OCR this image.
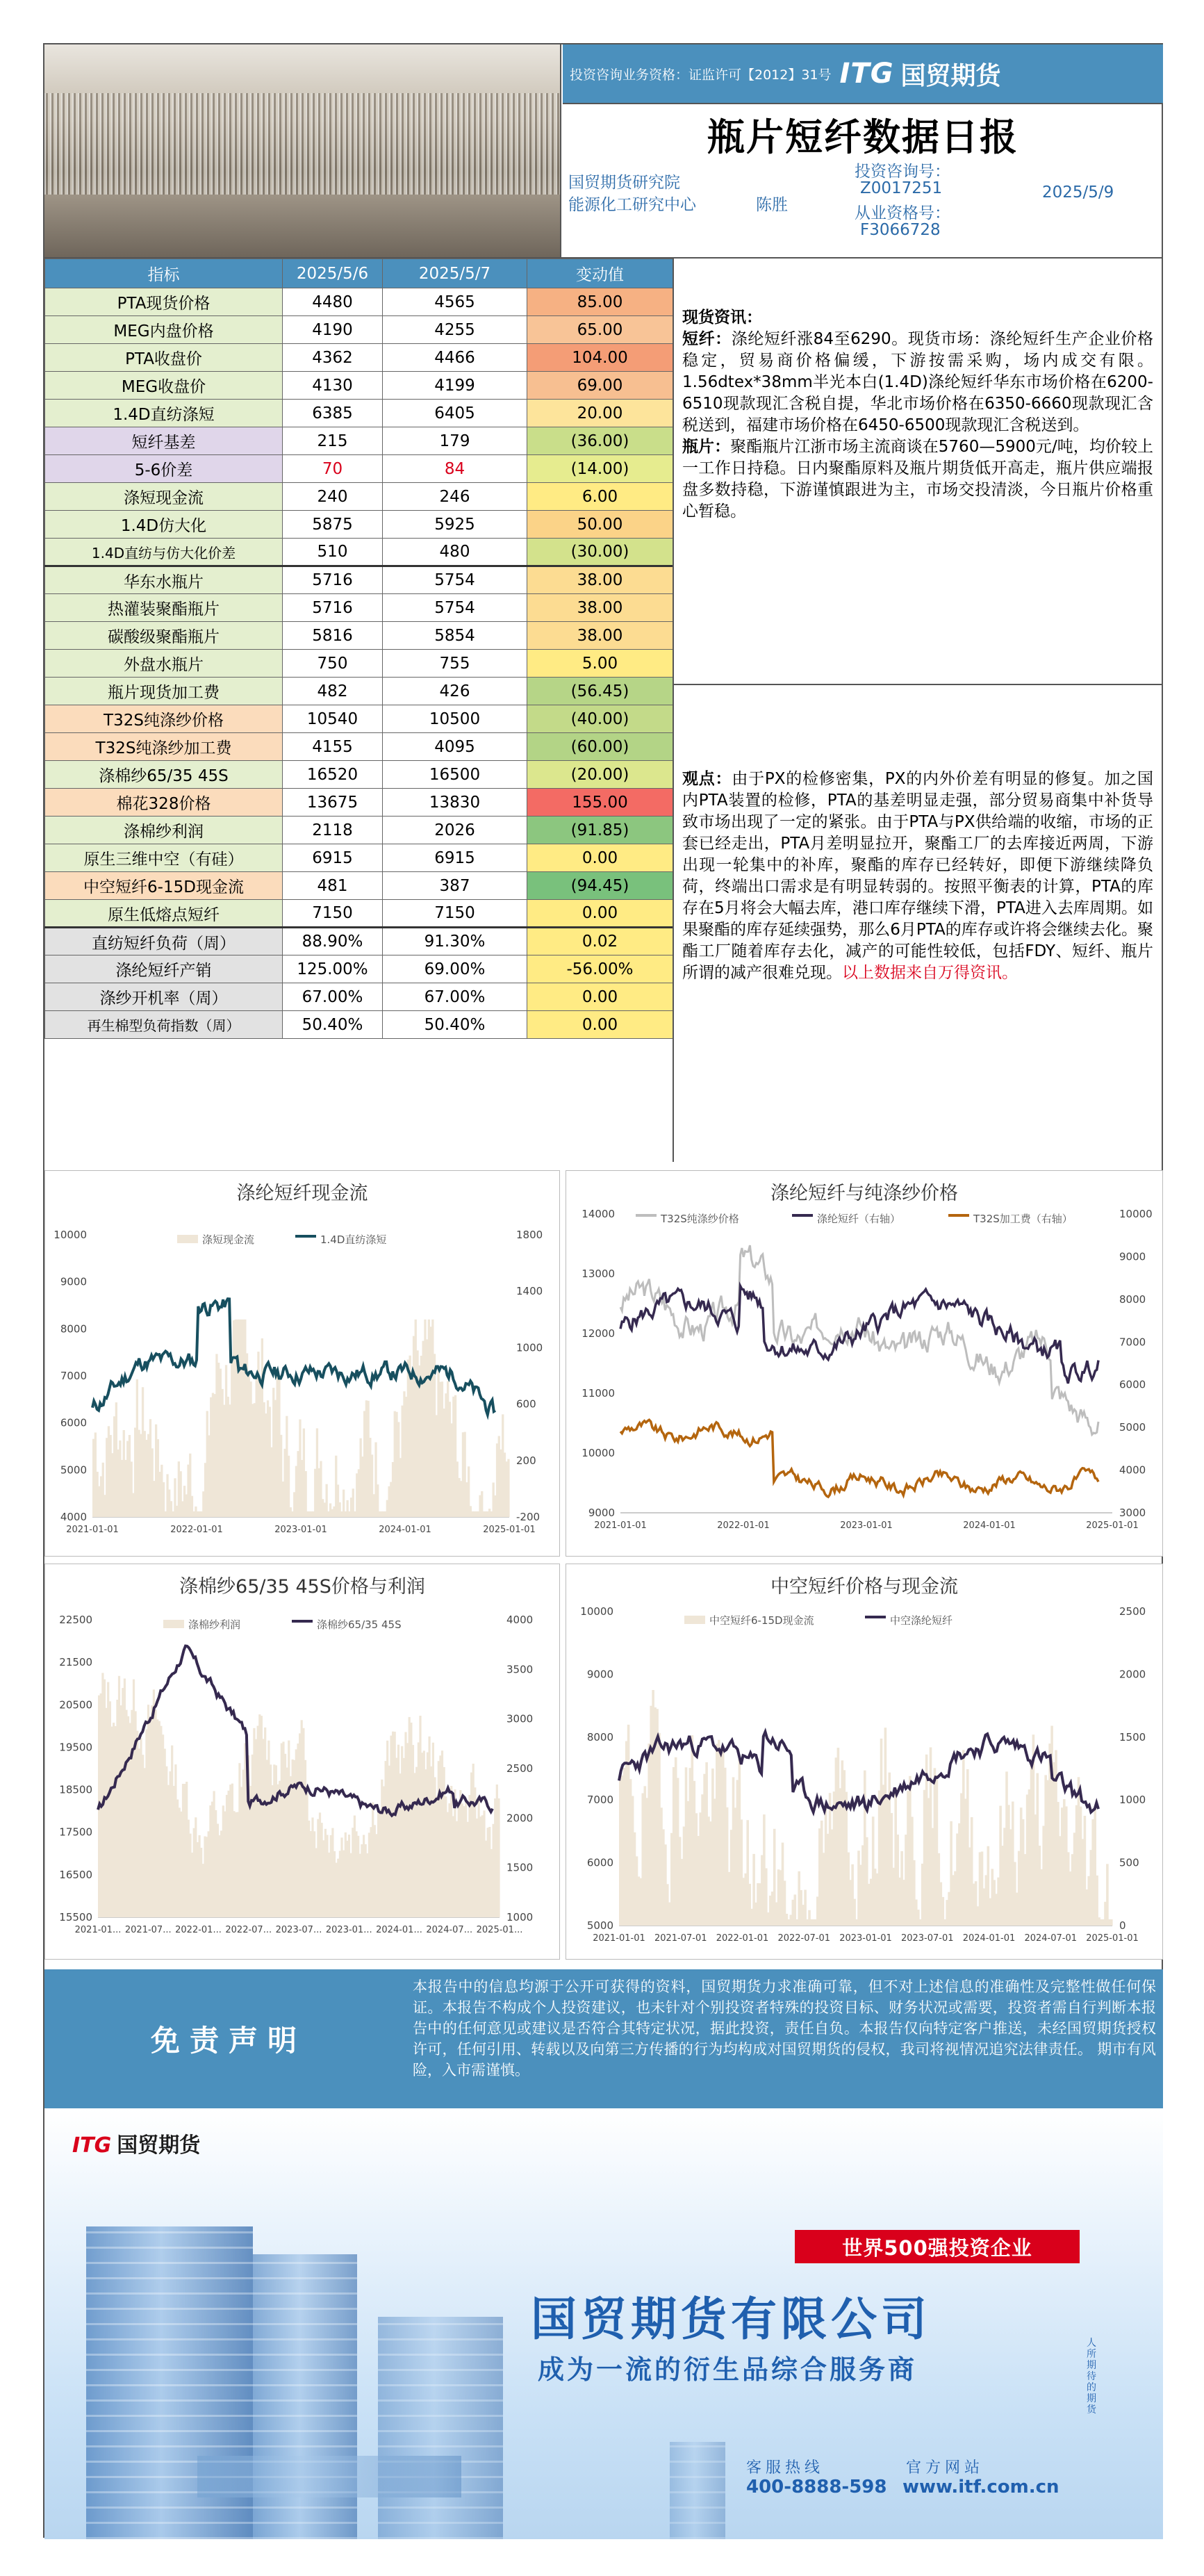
投资咨询业务资格：证监许可【2012】31号 ITG 国贸期货
瓶片短纤数据日报
国贸期货研究院
能源化工研究中心	陈胜
投资咨询号：
Z0017251
从业资格号：
F3066728
2025/5/9
指标	2025/5/6	2025/5/7	变动值
PTA现货价格	4480	4565	85.00
MEG内盘价格	4190	4255	65.00
PTA收盘价	4362	4466	104.00
MEG收盘价	4130	4199	69.00
1.4D直纺涤短	6385	6405	20.00
短纤基差	215	179	(36.00)
5-6价差	70	84	(14.00)
涤短现金流	240	246	6.00
1.4D仿大化	5875	5925	50.00
1.4D直纺与仿大化价差	510	480	(30.00)
华东水瓶片	5716	5754	38.00
热灌装聚酯瓶片	5716	5754	38.00
碳酸级聚酯瓶片	5816	5854	38.00
外盘水瓶片	750	755	5.00
瓶片现货加工费	482	426	(56.45)
T32S纯涤纱价格	10540	10500	(40.00)
T32S纯涤纱加工费	4155	4095	(60.00)
涤棉纱65/35 45S	16520	16500	(20.00)
棉花328价格	13675	13830	155.00
涤棉纱利润	2118	2026	(91.85)
原生三维中空（有硅）	6915	6915	0.00
中空短纤6-15D现金流	481	387	(94.45)
原生低熔点短纤	7150	7150	0.00
直纺短纤负荷（周）	88.90%	91.30%	0.02
涤纶短纤产销	125.00%	69.00%	-56.00%
涤纱开机率（周）	67.00%	67.00%	0.00
再生棉型负荷指数（周）	50.40%	50.40%	0.00
现货资讯：
短纤：涤纶短纤涨84至6290。现货市场：涤纶短纤生产企业价格稳定，贸易商价格偏缓，下游按需采购，场内成交有限。1.56dtex*38mm半光本白(1.4D)涤纶短纤华东市场价格在6200-6510现款现汇含税自提，华北市场价格在6350-6660现款现汇含税送到，福建市场价格在6450-6500现款现汇含税送到。
瓶片：聚酯瓶片江浙市场主流商谈在5760—5900元/吨，均价较上一工作日持稳。日内聚酯原料及瓶片期货低开高走，瓶片供应端报盘多数持稳，下游谨慎跟进为主，市场交投清淡，今日瓶片价格重心暂稳。
观点：由于PX的检修密集，PX的内外价差有明显的修复。加之国内PTA装置的检修，PTA的基差明显走强，部分贸易商集中补货导致市场出现了一定的紧张。由于PTA与PX供给端的收缩，市场的正套已经走出，PTA月差明显拉开，聚酯工厂的去库接近两周，下游出现一轮集中的补库，聚酯的库存已经转好，即便下游继续降负荷，终端出口需求是有明显转弱的。按照平衡表的计算，PTA的库存在5月将会大幅去库，港口库存继续下滑，PTA进入去库周期。如果聚酯的库存延续强势，那么6月PTA的库存或许将会继续去化。聚酯工厂随着库存去化，减产的可能性较低，包括FDY、短纤、瓶片所谓的减产很难兑现。以上数据来自万得资讯。
涤纶短纤现金流
10000
9000
8000
7000
6000
5000
4000
1800
1400
1000
600
200
-200
2021-01-01	2022-01-01	2023-01-01	2024-01-01	2025-01-01
涤短现金流	1.4D直纺涤短
涤纶短纤与纯涤纱价格
14000
13000
12000
11000
10000
9000
10000
9000
8000
7000
6000
5000
4000
3000
2021-01-01	2022-01-01	2023-01-01	2024-01-01	2025-01-01
T32S纯涤纱价格	涤纶短纤（右轴）	T32S加工费（右轴）
涤棉纱65/35 45S价格与利润
22500
21500
20500
19500
18500
17500
16500
15500
4000
3500
3000
2500
2000
1500
1000
2021-01... 2021-07... 2022-01... 2022-07... 2023-07... 2023-01... 2024-01... 2024-07... 2025-01...
涤棉纱利润	涤棉纱65/35 45S
中空短纤价格与现金流
10000
9000
8000
7000
6000
5000
2500
2000
1500
1000
500
0
2021-01-01 2021-07-01 2022-01-01 2022-07-01 2023-01-01 2023-07-01 2024-01-01 2024-07-01 2025-01-01
中空短纤6-15D现金流	中空涤纶短纤
免责声明
本报告中的信息均源于公开可获得的资料，国贸期货力求准确可靠，但不对上述信息的准确性及完整性做任何保证。本报告不构成个人投资建议，也未针对个别投资者特殊的投资目标、财务状况或需要，投资者需自行判断本报告中的任何意见或建议是否符合其特定状况，据此投资，责任自负。本报告仅向特定客户推送，未经国贸期货授权许可，任何引用、转载以及向第三方传播的行为均构成对国贸期货的侵权，我司将视情况追究法律责任。 期市有风险，入市需谨慎。
ITG 国贸期货
世界500强投资企业
国贸期货有限公司
成为一流的衍生品综合服务商
客服热线	官方网站
400-8888-598 www.itf.com.cn
人 所 期 待 的 期 货
